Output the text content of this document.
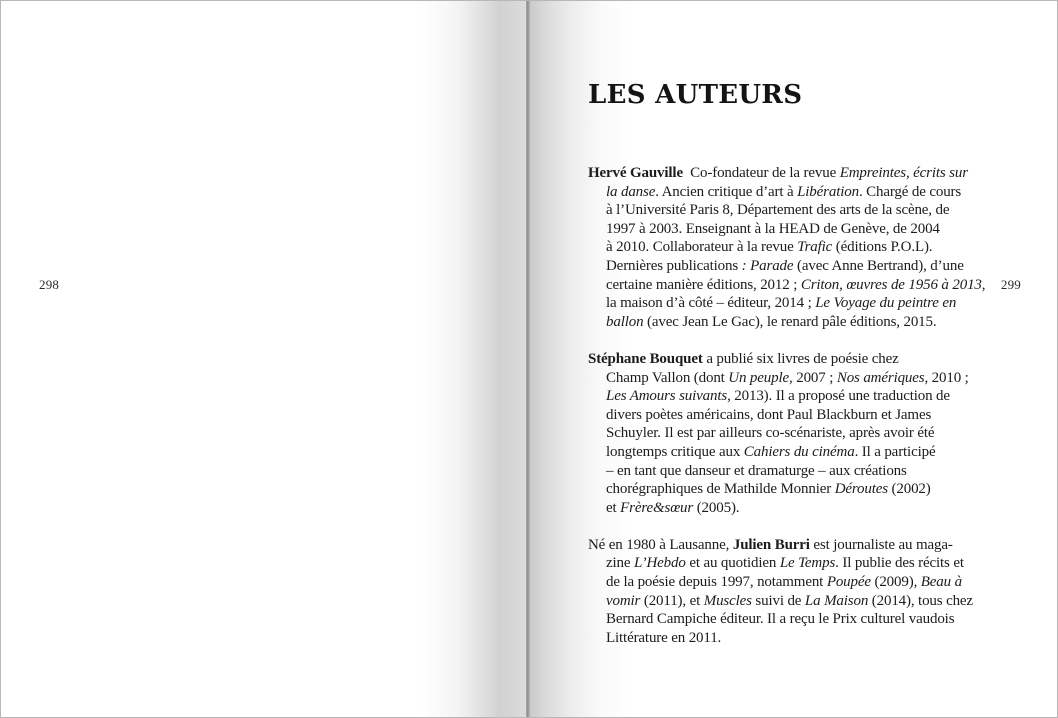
298
LES AUTEURS
Hervé Gauville  Co-fondateur de la revue Empreintes, écrits sur
la danse. Ancien critique d’art à Libération. Chargé de cours
à l’Université Paris 8, Département des arts de la scène, de
1997 à 2003. Enseignant à la HEAD de Genève, de 2004
à 2010. Collaborateur à la revue Trafic (éditions P.O.L).
Dernières publications : Parade (avec Anne Bertrand), d’une
certaine manière éditions, 2012 ; Criton, œuvres de 1956 à 2013,
la maison d’à côté – éditeur, 2014 ; Le Voyage du peintre en
ballon (avec Jean Le Gac), le renard pâle éditions, 2015.
Stéphane Bouquet a publié six livres de poésie chez
Champ Vallon (dont Un peuple, 2007 ; Nos amériques, 2010 ;
Les Amours suivants, 2013). Il a proposé une traduction de
divers poètes américains, dont Paul Blackburn et James
Schuyler. Il est par ailleurs co-scénariste, après avoir été
longtemps critique aux Cahiers du cinéma. Il a participé
– en tant que danseur et dramaturge – aux créations
chorégraphiques de Mathilde Monnier Déroutes (2002)
et Frère&sœur (2005).
Né en 1980 à Lausanne, Julien Burri est journaliste au maga-
zine L’Hebdo et au quotidien Le Temps. Il publie des récits et
de la poésie depuis 1997, notamment Poupée (2009), Beau à
vomir (2011), et Muscles suivi de La Maison (2014), tous chez
Bernard Campiche éditeur. Il a reçu le Prix culturel vaudois
Littérature en 2011.
299
